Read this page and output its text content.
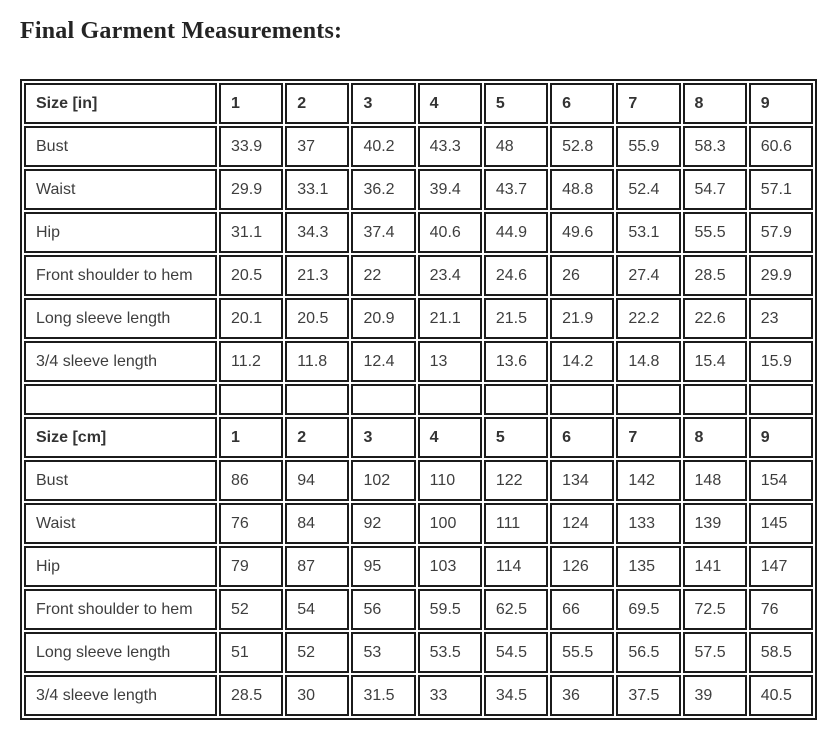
Final Garment Measurements:
Size [in]	1	2	3	4	5	6	7	8	9
Bust	33.9	37	40.2	43.3	48	52.8	55.9	58.3	60.6
Waist	29.9	33.1	36.2	39.4	43.7	48.8	52.4	54.7	57.1
Hip	31.1	34.3	37.4	40.6	44.9	49.6	53.1	55.5	57.9
Front shoulder to hem	20.5	21.3	22	23.4	24.6	26	27.4	28.5	29.9
Long sleeve length	20.1	20.5	20.9	21.1	21.5	21.9	22.2	22.6	23
3/4 sleeve length	11.2	11.8	12.4	13	13.6	14.2	14.8	15.4	15.9

Size [cm]	1	2	3	4	5	6	7	8	9
Bust	86	94	102	110	122	134	142	148	154
Waist	76	84	92	100	111	124	133	139	145
Hip	79	87	95	103	114	126	135	141	147
Front shoulder to hem	52	54	56	59.5	62.5	66	69.5	72.5	76
Long sleeve length	51	52	53	53.5	54.5	55.5	56.5	57.5	58.5
3/4 sleeve length	28.5	30	31.5	33	34.5	36	37.5	39	40.5
